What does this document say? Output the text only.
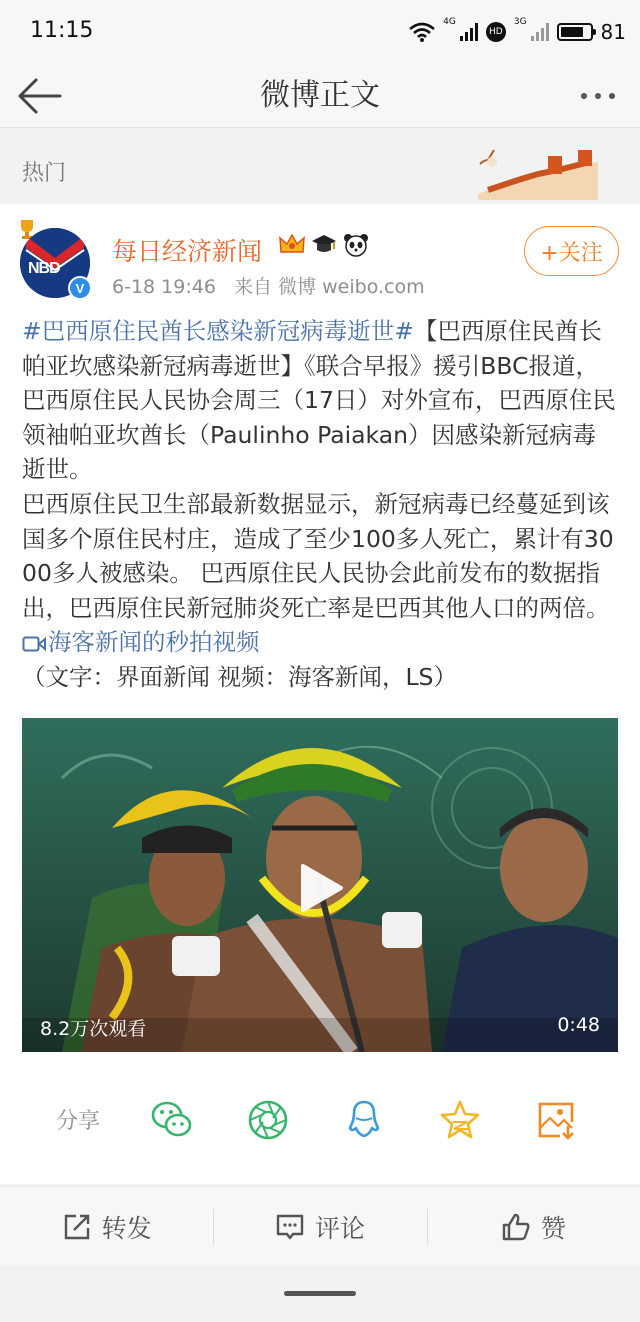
11:15	4G
HD
3G	81
微博正文
热门
NBD
V
每日经济新闻
6-18 19:46 来自 微博 weibo.com
+关注

#巴西原住民酋长感染新冠病毒逝世#【巴西原住民酋长帕亚坎感染新冠病毒逝世】《联合早报》援引BBC报道，巴西原住民人民协会周三（17日）对外宣布，巴西原住民领袖帕亚坎酋长（Paulinho Paiakan）因感染新冠病毒逝世。

巴西原住民卫生部最新数据显示，新冠病毒已经蔓延到该国多个原住民村庄，造成了至少100多人死亡，累计有3000多人被感染。 巴西原住民人民协会此前发布的数据指出，巴西原住民新冠肺炎死亡率是巴西其他人口的两倍。海客新闻的秒拍视频

（文字：界面新闻 视频：海客新闻，LS）

8.2万次观看	0:48
分享
转发	评论	赞
